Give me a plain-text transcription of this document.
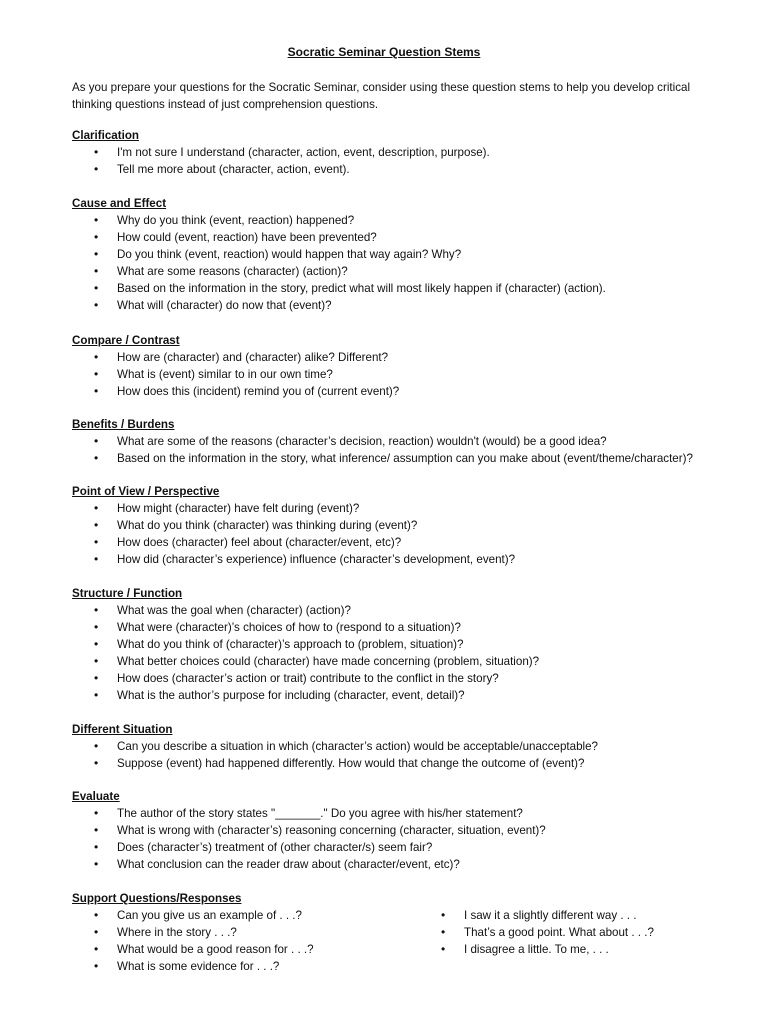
Socratic Seminar Question Stems
As you prepare your questions for the Socratic Seminar, consider using these question stems to help you develop critical thinking questions instead of just comprehension questions.
Clarification
• I'm not sure I understand (character, action, event, description, purpose).
• Tell me more about (character, action, event).
Cause and Effect
• Why do you think (event, reaction) happened?
• How could (event, reaction) have been prevented?
• Do you think (event, reaction) would happen that way again? Why?
• What are some reasons (character) (action)?
• Based on the information in the story, predict what will most likely happen if (character) (action).
• What will (character) do now that (event)?
Compare / Contrast
• How are (character) and (character) alike? Different?
• What is (event) similar to in our own time?
• How does this (incident) remind you of (current event)?
Benefits / Burdens
• What are some of the reasons (character’s decision, reaction) wouldn't (would) be a good idea?
• Based on the information in the story, what inference/ assumption can you make about (event/theme/character)?
Point of View / Perspective
• How might (character) have felt during (event)?
• What do you think (character) was thinking during (event)?
• How does (character) feel about (character/event, etc)?
• How did (character’s experience) influence (character’s development, event)?
Structure / Function
• What was the goal when (character) (action)?
• What were (character)’s choices of how to (respond to a situation)?
• What do you think of (character)’s approach to (problem, situation)?
• What better choices could (character) have made concerning (problem, situation)?
• How does (character’s action or trait) contribute to the conflict in the story?
• What is the author’s purpose for including (character, event, detail)?
Different Situation
• Can you describe a situation in which (character’s action) would be acceptable/unacceptable?
• Suppose (event) had happened differently. How would that change the outcome of (event)?
Evaluate
• The author of the story states "_______." Do you agree with his/her statement?
• What is wrong with (character’s) reasoning concerning (character, situation, event)?
• Does (character’s) treatment of (other character/s) seem fair?
• What conclusion can the reader draw about (character/event, etc)?
Support Questions/Responses
• Can you give us an example of . . .?
• Where in the story . . .?
• What would be a good reason for . . .?
• What is some evidence for . . .?
• I saw it a slightly different way . . .
• That’s a good point. What about . . .?
• I disagree a little. To me, . . .
